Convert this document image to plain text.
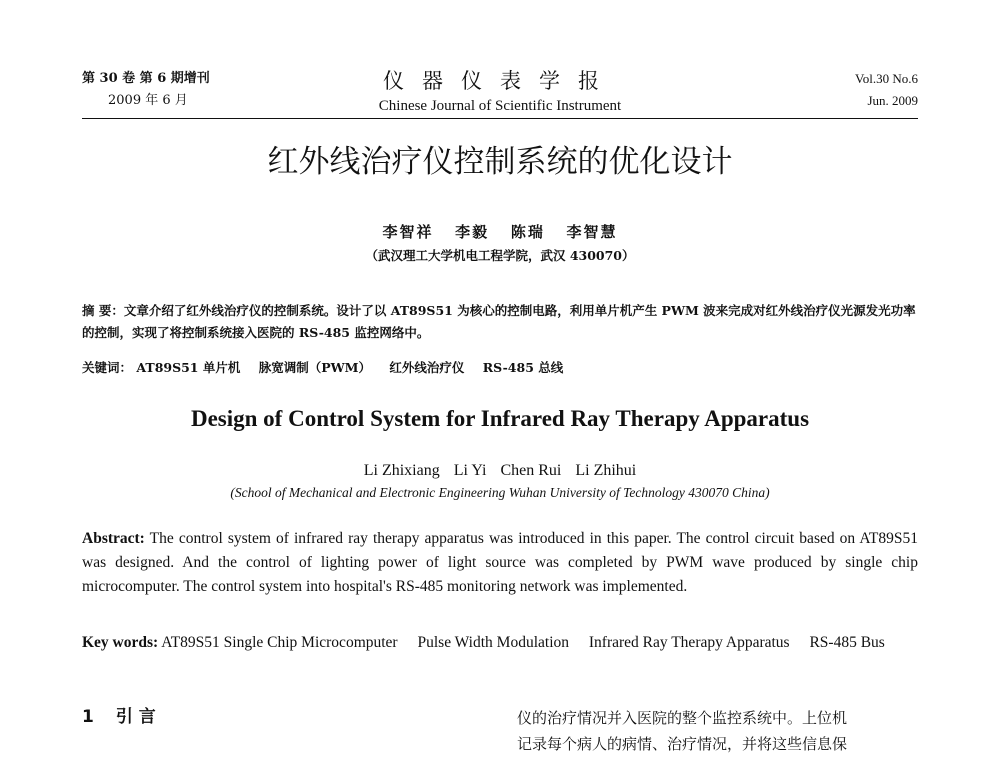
第 30 卷 第 6 期增刊
2009 年 6 月
仪器仪表学报
Chinese Journal of Scientific Instrument
Vol.30 No.6
Jun. 2009
红外线治疗仪控制系统的优化设计
李智祥 李毅 陈瑞 李智慧
（武汉理工大学机电工程学院，武汉 430070）
摘 要：文章介绍了红外线治疗仪的控制系统。设计了以 AT89S51 为核心的控制电路，利用单片机产生 PWM 波来完成对红外线治疗仪光源发光功率的控制，实现了将控制系统接入医院的 RS-485 监控网络中。
关键词： AT89S51 单片机 脉宽调制（PWM） 红外线治疗仪 RS-485 总线
Design of Control System for Infrared Ray Therapy Apparatus
Li Zhixiang Li Yi Chen Rui Li Zhihui
(School of Mechanical and Electronic Engineering Wuhan University of Technology 430070 China)
Abstract: The control system of infrared ray therapy apparatus was introduced in this paper. The control circuit based on AT89S51 was designed. And the control of lighting power of light source was completed by PWM wave produced by single chip microcomputer. The control system into hospital's RS-485 monitoring network was implemented.
Key words: AT89S51 Single Chip Microcomputer Pulse Width Modulation Infrared Ray Therapy Apparatus RS-485 Bus
1 引 言	仪的治疗情况并入医院的整个监控系统中。上位机
记录每个病人的病情、治疗情况，并将这些信息保
